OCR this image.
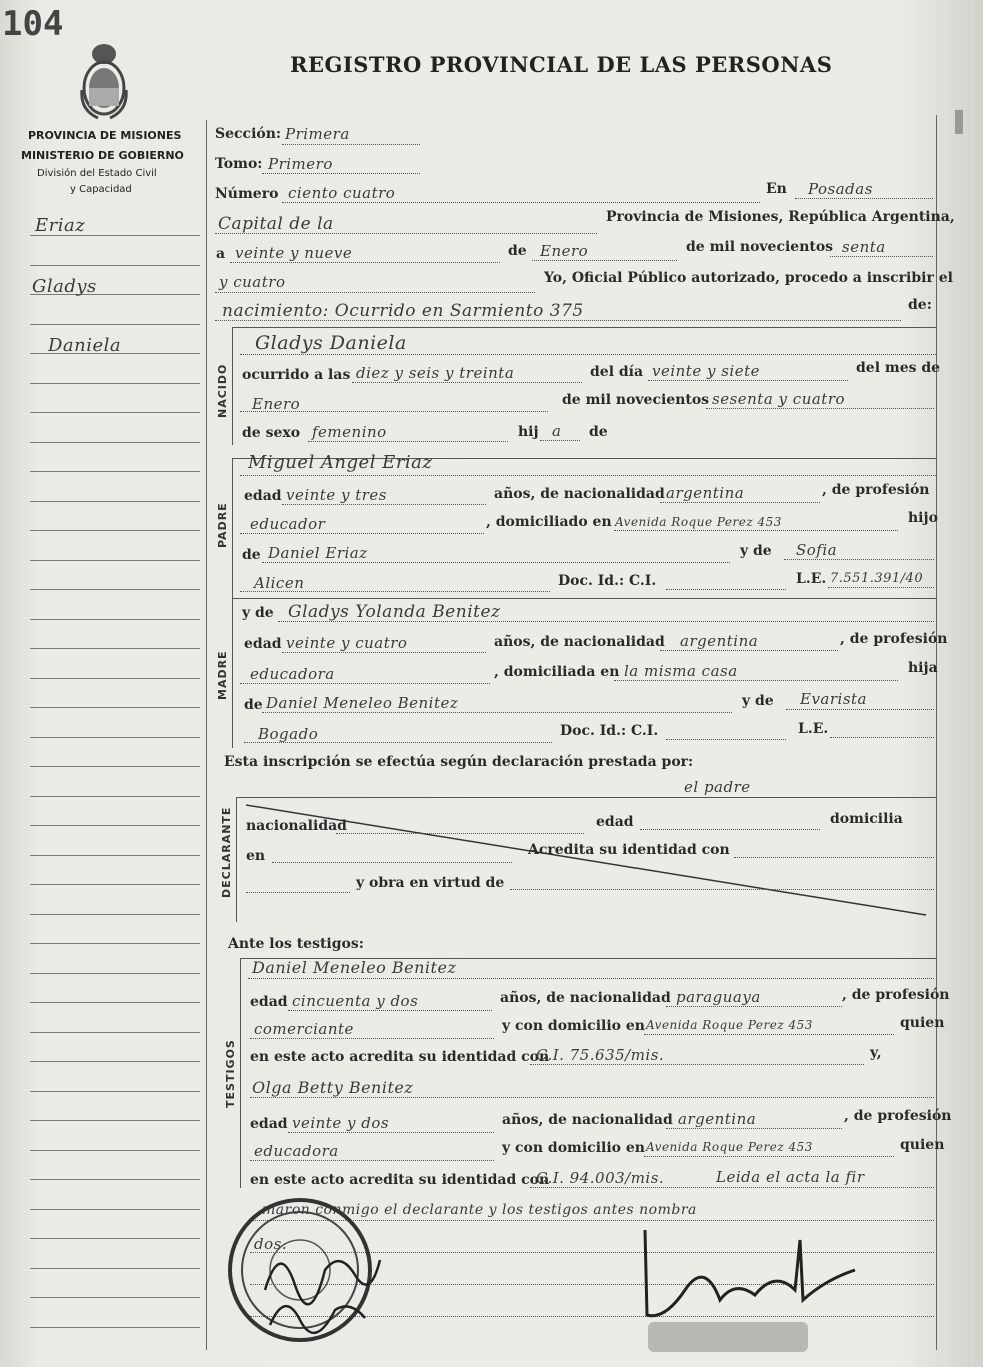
104
REGISTRO PROVINCIAL DE LAS PERSONAS
PROVINCIA DE MISIONES
MINISTERIO DE GOBIERNO
División del Estado Civil
y Capacidad
Eriaz
Gladys
Daniela
Sección: Primera
Tomo: Primero
Número ciento cuatro	En Posadas
Capital de la	Provincia de Misiones, República Argentina,
a veinte y nueve	de Enero	de mil novecientos senta
y cuatro	Yo, Oficial Público autorizado, procedo a inscribir el
nacimiento: Ocurrido en Sarmiento 375	de:
NACIDO
Gladys Daniela
ocurrido a las diez y seis y treinta	del día veinte y siete	del mes de
Enero	de mil novecientos sesenta y cuatro
de sexo femenino	hij a de
PADRE
Miguel Angel Eriaz
edad veinte y tres	años, de nacionalidad argentina	, de profesión
educador	, domiciliado en Avenida Roque Perez 453	hijo
de Daniel Eriaz	y de Sofia
Alicen	Doc. Id.: C.I.	L.E. 7.551.391/40
MADRE
y de Gladys Yolanda Benitez
edad veinte y cuatro	años, de nacionalidad argentina	, de profesión
educadora	, domiciliada en la misma casa	hija
de Daniel Meneleo Benitez	y de Evarista
Bogado	Doc. Id.: C.I.	L.E.
Esta inscripción se efectúa según declaración prestada por:
el padre
DECLARANTE nacionalidad	edad	domicilia
en	Acredita su identidad con
y obra en virtud de
Ante los testigos:
TESTIGOS
Daniel Meneleo Benitez
edad cincuenta y dos	años, de nacionalidad paraguaya	, de profesión
comerciante	y con domicilio en Avenida Roque Perez 453	quien
en este acto acredita su identidad con
C.I. 75.635/mis.	y,
Olga Betty Benitez
edad veinte y dos	años, de nacionalidad argentina	, de profesión
educadora	y con domicilio en Avenida Roque Perez 453	quien
en este acto acredita su identidad con
C.I. 94.003/mis.	Leida el acta la fir
maron conmigo el declarante y los testigos antes nombra
dos.
